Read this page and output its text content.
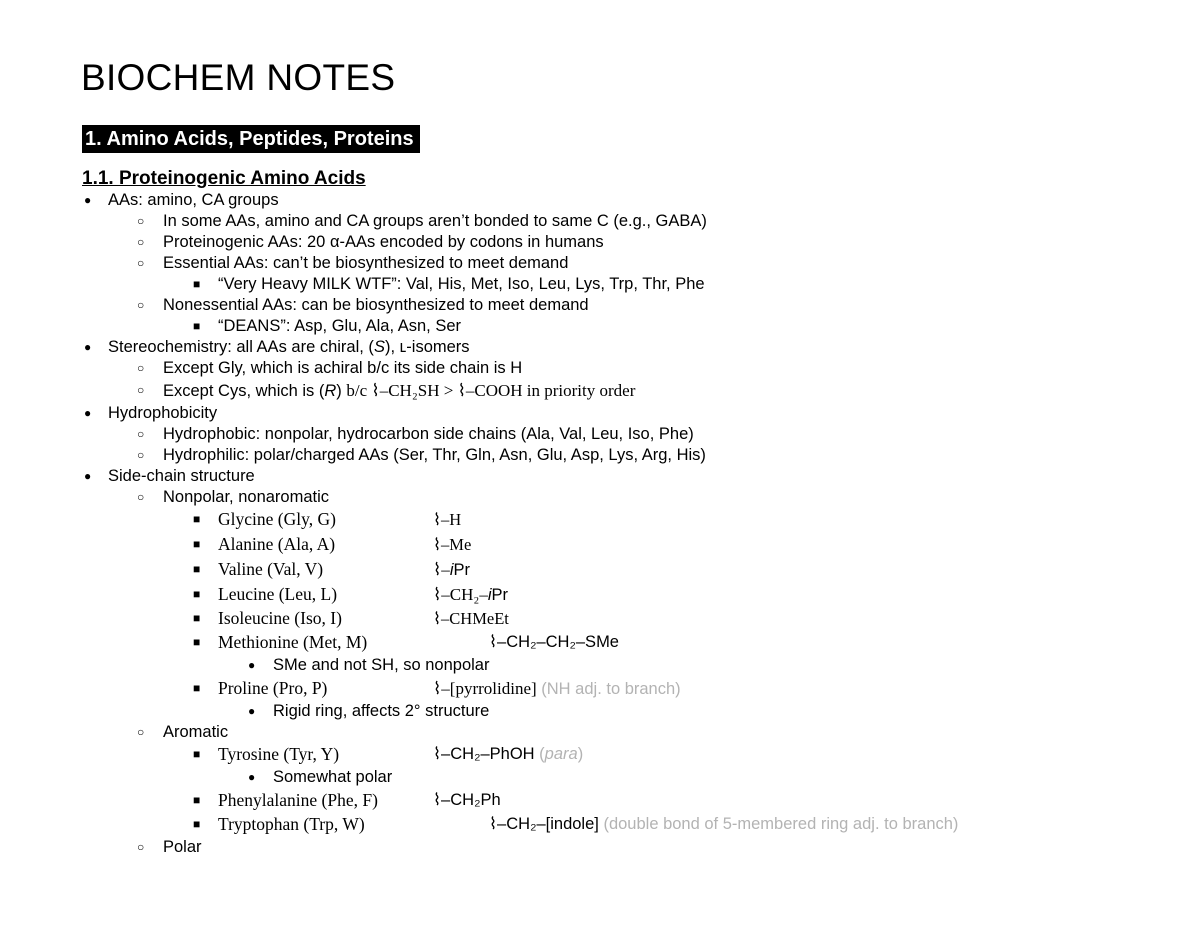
BIOCHEM NOTES
1. Amino Acids, Peptides, Proteins
1.1. Proteinogenic Amino Acids
● AAs: amino, CA groups
○ In some AAs, amino and CA groups aren’t bonded to same C (e.g., GABA)
○ Proteinogenic AAs: 20 α-AAs encoded by codons in humans
○ Essential AAs: can’t be biosynthesized to meet demand
■ “Very Heavy MILK WTF”: Val, His, Met, Iso, Leu, Lys, Trp, Thr, Phe
○ Nonessential AAs: can be biosynthesized to meet demand
■ “DEANS”: Asp, Glu, Ala, Asn, Ser
● Stereochemistry: all AAs are chiral, (S), ʟ-isomers
○ Except Gly, which is achiral b/c its side chain is H
○ Except Cys, which is (R) b/c ⌇–CH₂SH > ⌇–COOH in priority order
● Hydrophobicity
○ Hydrophobic: nonpolar, hydrocarbon side chains (Ala, Val, Leu, Iso, Phe)
○ Hydrophilic: polar/charged AAs (Ser, Thr, Gln, Asn, Glu, Asp, Lys, Arg, His)
● Side-chain structure
○ Nonpolar, nonaromatic
■ Glycine (Gly, G)	⌇–H
■ Alanine (Ala, A)	⌇–Me
■ Valine (Val, V)	⌇–iPr
■ Leucine (Leu, L)	⌇–CH₂–iPr
■ Isoleucine (Iso, I)	⌇–CHMeEt
■ Methionine (Met, M)	⌇–CH₂–CH₂–SMe
● SMe and not SH, so nonpolar
■ Proline (Pro, P)	⌇–[pyrrolidine] (NH adj. to branch)
● Rigid ring, affects 2° structure
○ Aromatic
■ Tyrosine (Tyr, Y)	⌇–CH₂–PhOH (para)
● Somewhat polar
■ Phenylalanine (Phe, F)	⌇–CH₂Ph
■ Tryptophan (Trp, W)	⌇–CH₂–[indole] (double bond of 5-membered ring adj. to branch)
○ Polar
